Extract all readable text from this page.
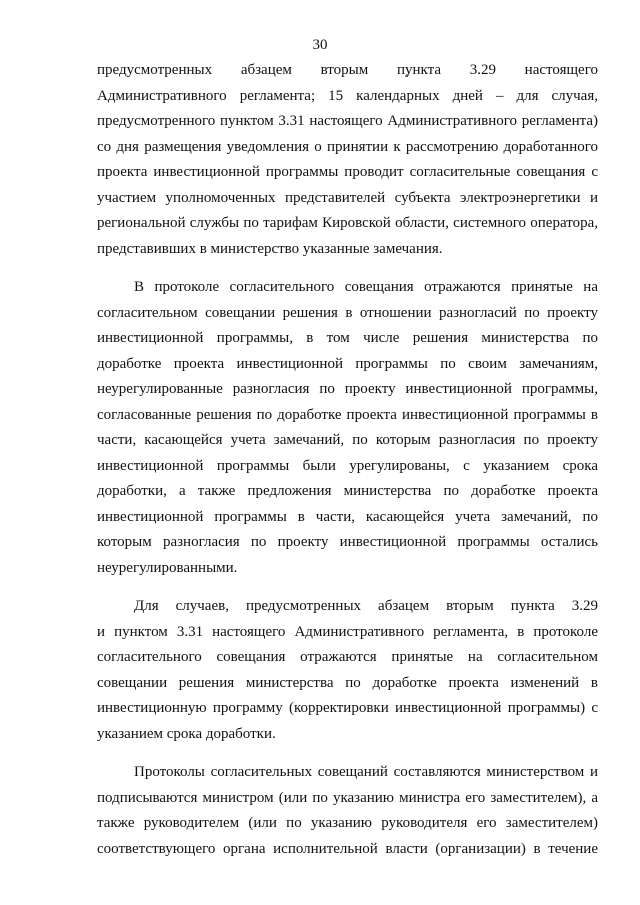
30
предусмотренных абзацем вторым пункта 3.29 настоящего
Административного регламента; 15 календарных дней – для случая,
предусмотренного пунктом 3.31 настоящего Административного регламента)
со дня размещения уведомления о принятии к рассмотрению доработанного
проекта инвестиционной программы проводит согласительные совещания с
участием уполномоченных представителей субъекта электроэнергетики и
региональной службы по тарифам Кировской области, системного оператора,
представивших в министерство указанные замечания.
В протоколе согласительного совещания отражаются принятые на
согласительном совещании решения в отношении разногласий по проекту
инвестиционной программы, в том числе решения министерства по
доработке проекта инвестиционной программы по своим замечаниям,
неурегулированные разногласия по проекту инвестиционной программы,
согласованные решения по доработке проекта инвестиционной программы в
части, касающейся учета замечаний, по которым разногласия по проекту
инвестиционной программы были урегулированы, с указанием срока
доработки, а также предложения министерства по доработке проекта
инвестиционной программы в части, касающейся учета замечаний, по
которым разногласия по проекту инвестиционной программы остались
неурегулированными.
Для случаев, предусмотренных абзацем вторым пункта 3.29
и пунктом 3.31 настоящего Административного регламента, в протоколе
согласительного совещания отражаются принятые на согласительном
совещании решения министерства по доработке проекта изменений в
инвестиционную программу (корректировки инвестиционной программы) с
указанием срока доработки.
Протоколы согласительных совещаний составляются министерством и
подписываются министром (или по указанию министра его заместителем), а
также руководителем (или по указанию руководителя его заместителем)
соответствующего органа исполнительной власти (организации) в течение
